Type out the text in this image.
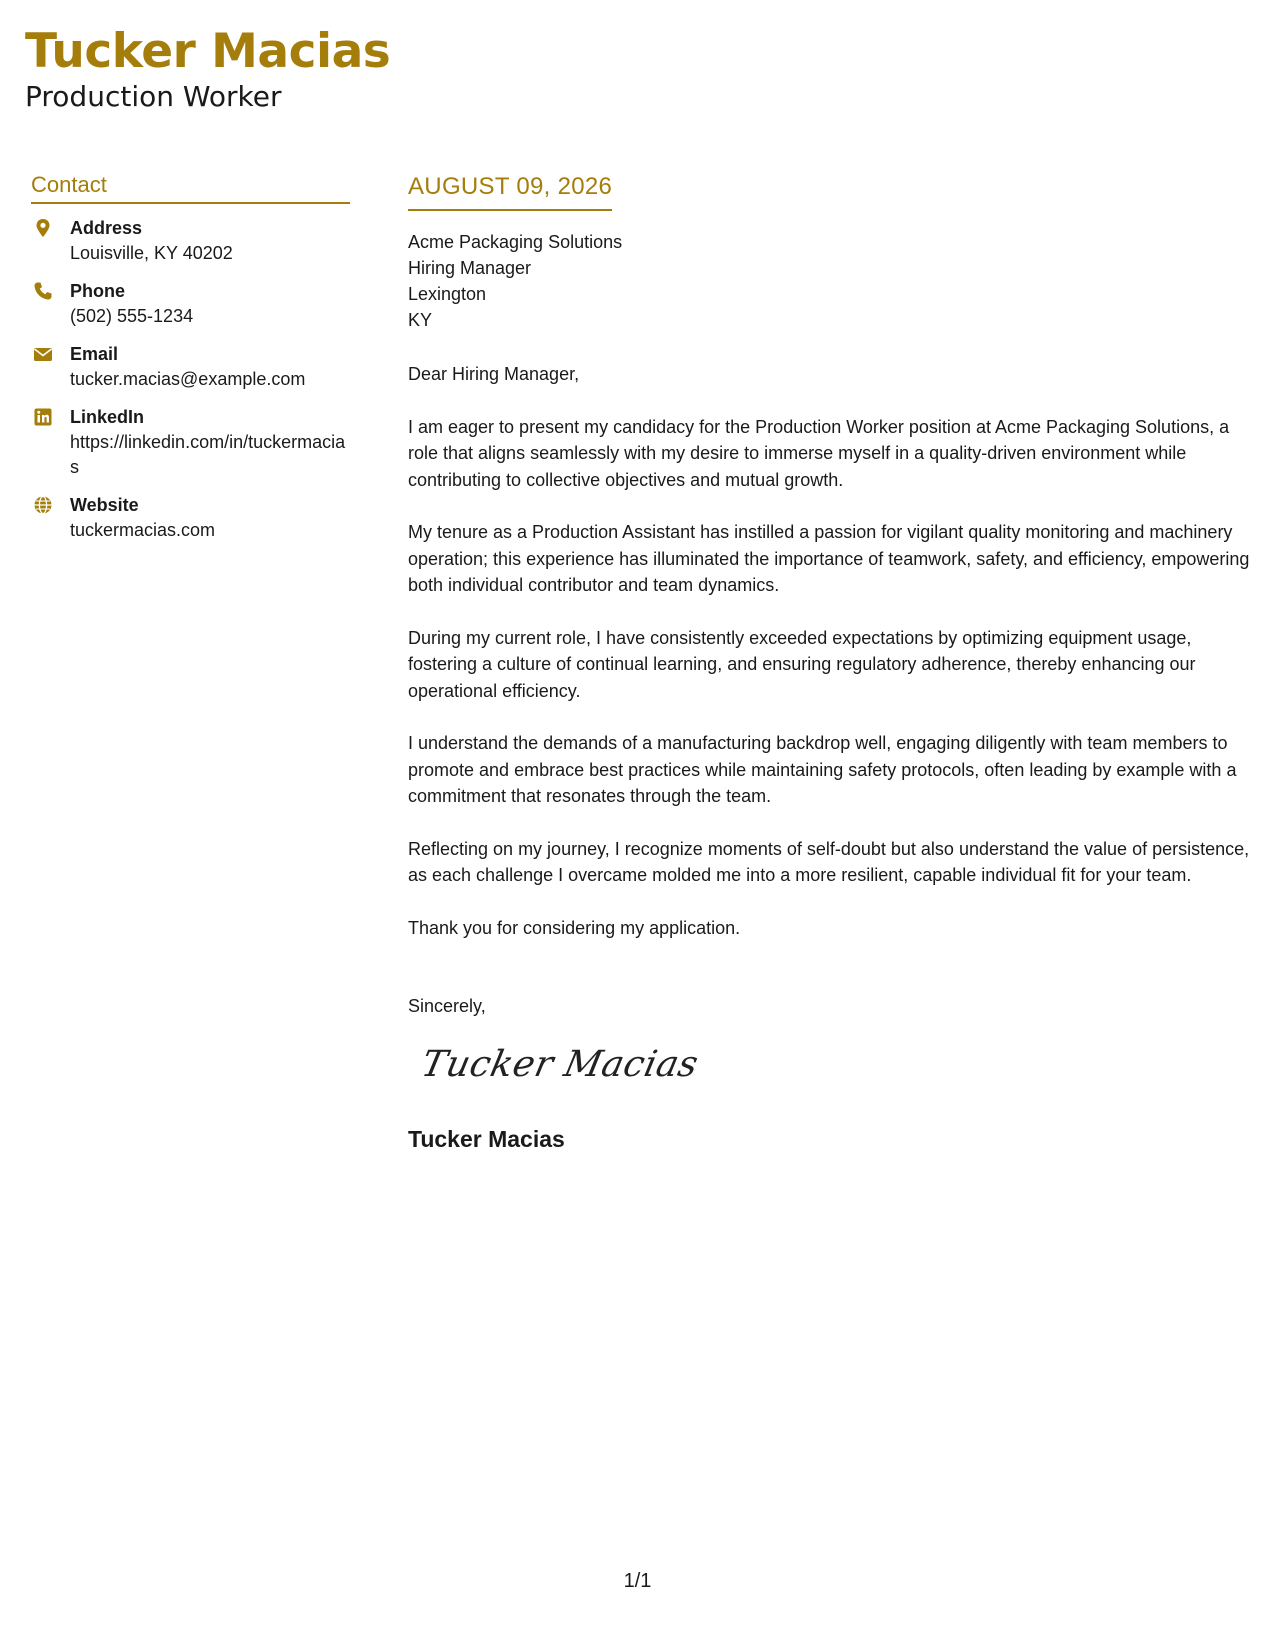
Tucker Macias
Production Worker
Contact
Address
Louisville, KY 40202
Phone
(502) 555-1234
Email
tucker.macias@example.com
LinkedIn
https://linkedin.com/in/tuckermacias
Website
tuckermacias.com
AUGUST 09, 2026
Acme Packaging Solutions
Hiring Manager
Lexington
KY
Dear Hiring Manager,

I am eager to present my candidacy for the Production Worker position at Acme Packaging Solutions, a role that aligns seamlessly with my desire to immerse myself in a quality-driven environment while contributing to collective objectives and mutual growth.

My tenure as a Production Assistant has instilled a passion for vigilant quality monitoring and machinery operation; this experience has illuminated the importance of teamwork, safety, and efficiency, empowering both individual contributor and team dynamics.

During my current role, I have consistently exceeded expectations by optimizing equipment usage, fostering a culture of continual learning, and ensuring regulatory adherence, thereby enhancing our operational efficiency.

I understand the demands of a manufacturing backdrop well, engaging diligently with team members to promote and embrace best practices while maintaining safety protocols, often leading by example with a commitment that resonates through the team.

Reflecting on my journey, I recognize moments of self-doubt but also understand the value of persistence, as each challenge I overcame molded me into a more resilient, capable individual fit for your team.

Thank you for considering my application.

Sincerely,
Tucker Macias
Tucker Macias
1/1
